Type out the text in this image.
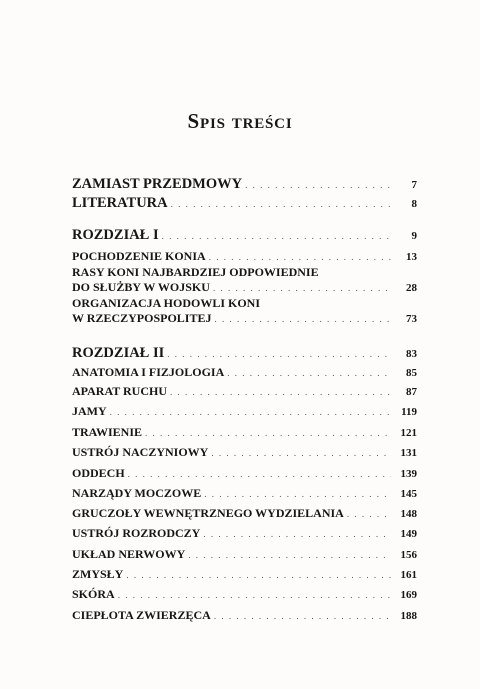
Spis treści
ZAMIAST PRZEDMOWY . . .	7
LITERATURA . . .	8
ROZDZIAŁ I . . .	9
POCHODZENIE KONIA . . .	13
RASY KONI NAJBARDZIEJ ODPOWIEDNIE
DO SŁUŻBY W WOJSKU . . .	28
ORGANIZACJA HODOWLI KONI
W RZECZYPOSPOLITEJ . . .	73
ROZDZIAŁ II . . .	83
ANATOMIA I FIZJOLOGIA . . .	85
APARAT RUCHU . . .	87
JAMY . . .	119
TRAWIENIE . . .	121
USTRÓJ NACZYNIOWY . . .	131
ODDECH . . .	139
NARZĄDY MOCZOWE . . .	145
GRUCZOŁY WEWNĘTRZNEGO WYDZIELANIA . . .	148
USTRÓJ ROZRODCZY . . .	149
UKŁAD NERWOWY . . .	156
ZMYSŁY . . .	161
SKÓRA . . .	169
CIEPŁOTA ZWIERZĘCA . . .	188
